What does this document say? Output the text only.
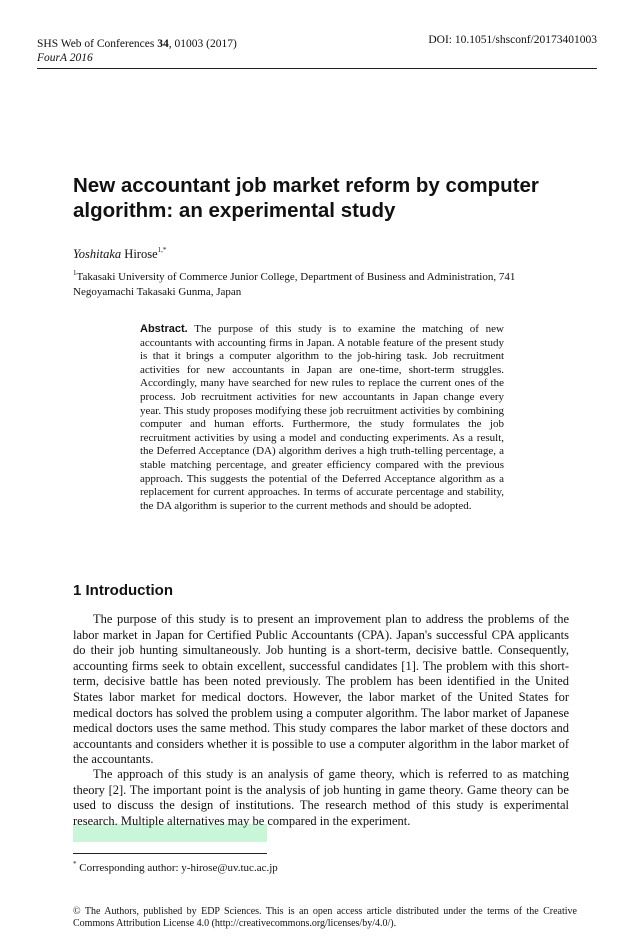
SHS Web of Conferences 34, 01003 (2017)
FourA 2016
DOI: 10.1051/shsconf/20173401003
New accountant job market reform by computer algorithm: an experimental study
Yoshitaka Hirose$^{1,*}$
$^1$Takasaki University of Commerce Junior College, Department of Business and Administration, 741 Negoyamachi Takasaki Gunma, Japan

Abstract. The purpose of this study is to examine the matching of new accountants with accounting firms in Japan. A notable feature of the present study is that it brings a computer algorithm to the job-hiring task. Job recruitment activities for new accountants in Japan are one-time, short-term struggles. Accordingly, many have searched for new rules to replace the current ones of the process. Job recruitment activities for new accountants in Japan change every year. This study proposes modifying these job recruitment activities by combining computer and human efforts. Furthermore, the study formulates the job recruitment activities by using a model and conducting experiments. As a result, the Deferred Acceptance (DA) algorithm derives a high truth-telling percentage, a stable matching percentage, and greater efficiency compared with the previous approach. This suggests the potential of the Deferred Acceptance algorithm as a replacement for current approaches. In terms of accurate percentage and stability, the DA algorithm is superior to the current methods and should be adopted.

1 Introduction

The purpose of this study is to present an improvement plan to address the problems of the labor market in Japan for Certified Public Accountants (CPA). Japan's successful CPA applicants do their job hunting simultaneously. Job hunting is a short-term, decisive battle. Consequently, accounting firms seek to obtain excellent, successful candidates [1]. The problem with this short-term, decisive battle has been noted previously. The problem has been identified in the United States labor market for medical doctors. However, the labor market of the United States for medical doctors has solved the problem using a computer algorithm. The labor market of Japanese medical doctors uses the same method. This study compares the labor market of these doctors and accountants and considers whether it is possible to use a computer algorithm in the labor market of the accountants.

The approach of this study is an analysis of game theory, which is referred to as matching theory [2]. The important point is the analysis of job hunting in game theory. Game theory can be used to discuss the design of institutions. The research method of this study is experimental research. Multiple alternatives may be compared in the experiment.

* Corresponding author: y-hirose@uv.tuc.ac.jp
© The Authors, published by EDP Sciences. This is an open access article distributed under the terms of the Creative Commons Attribution License 4.0 (http://creativecommons.org/licenses/by/4.0/).
